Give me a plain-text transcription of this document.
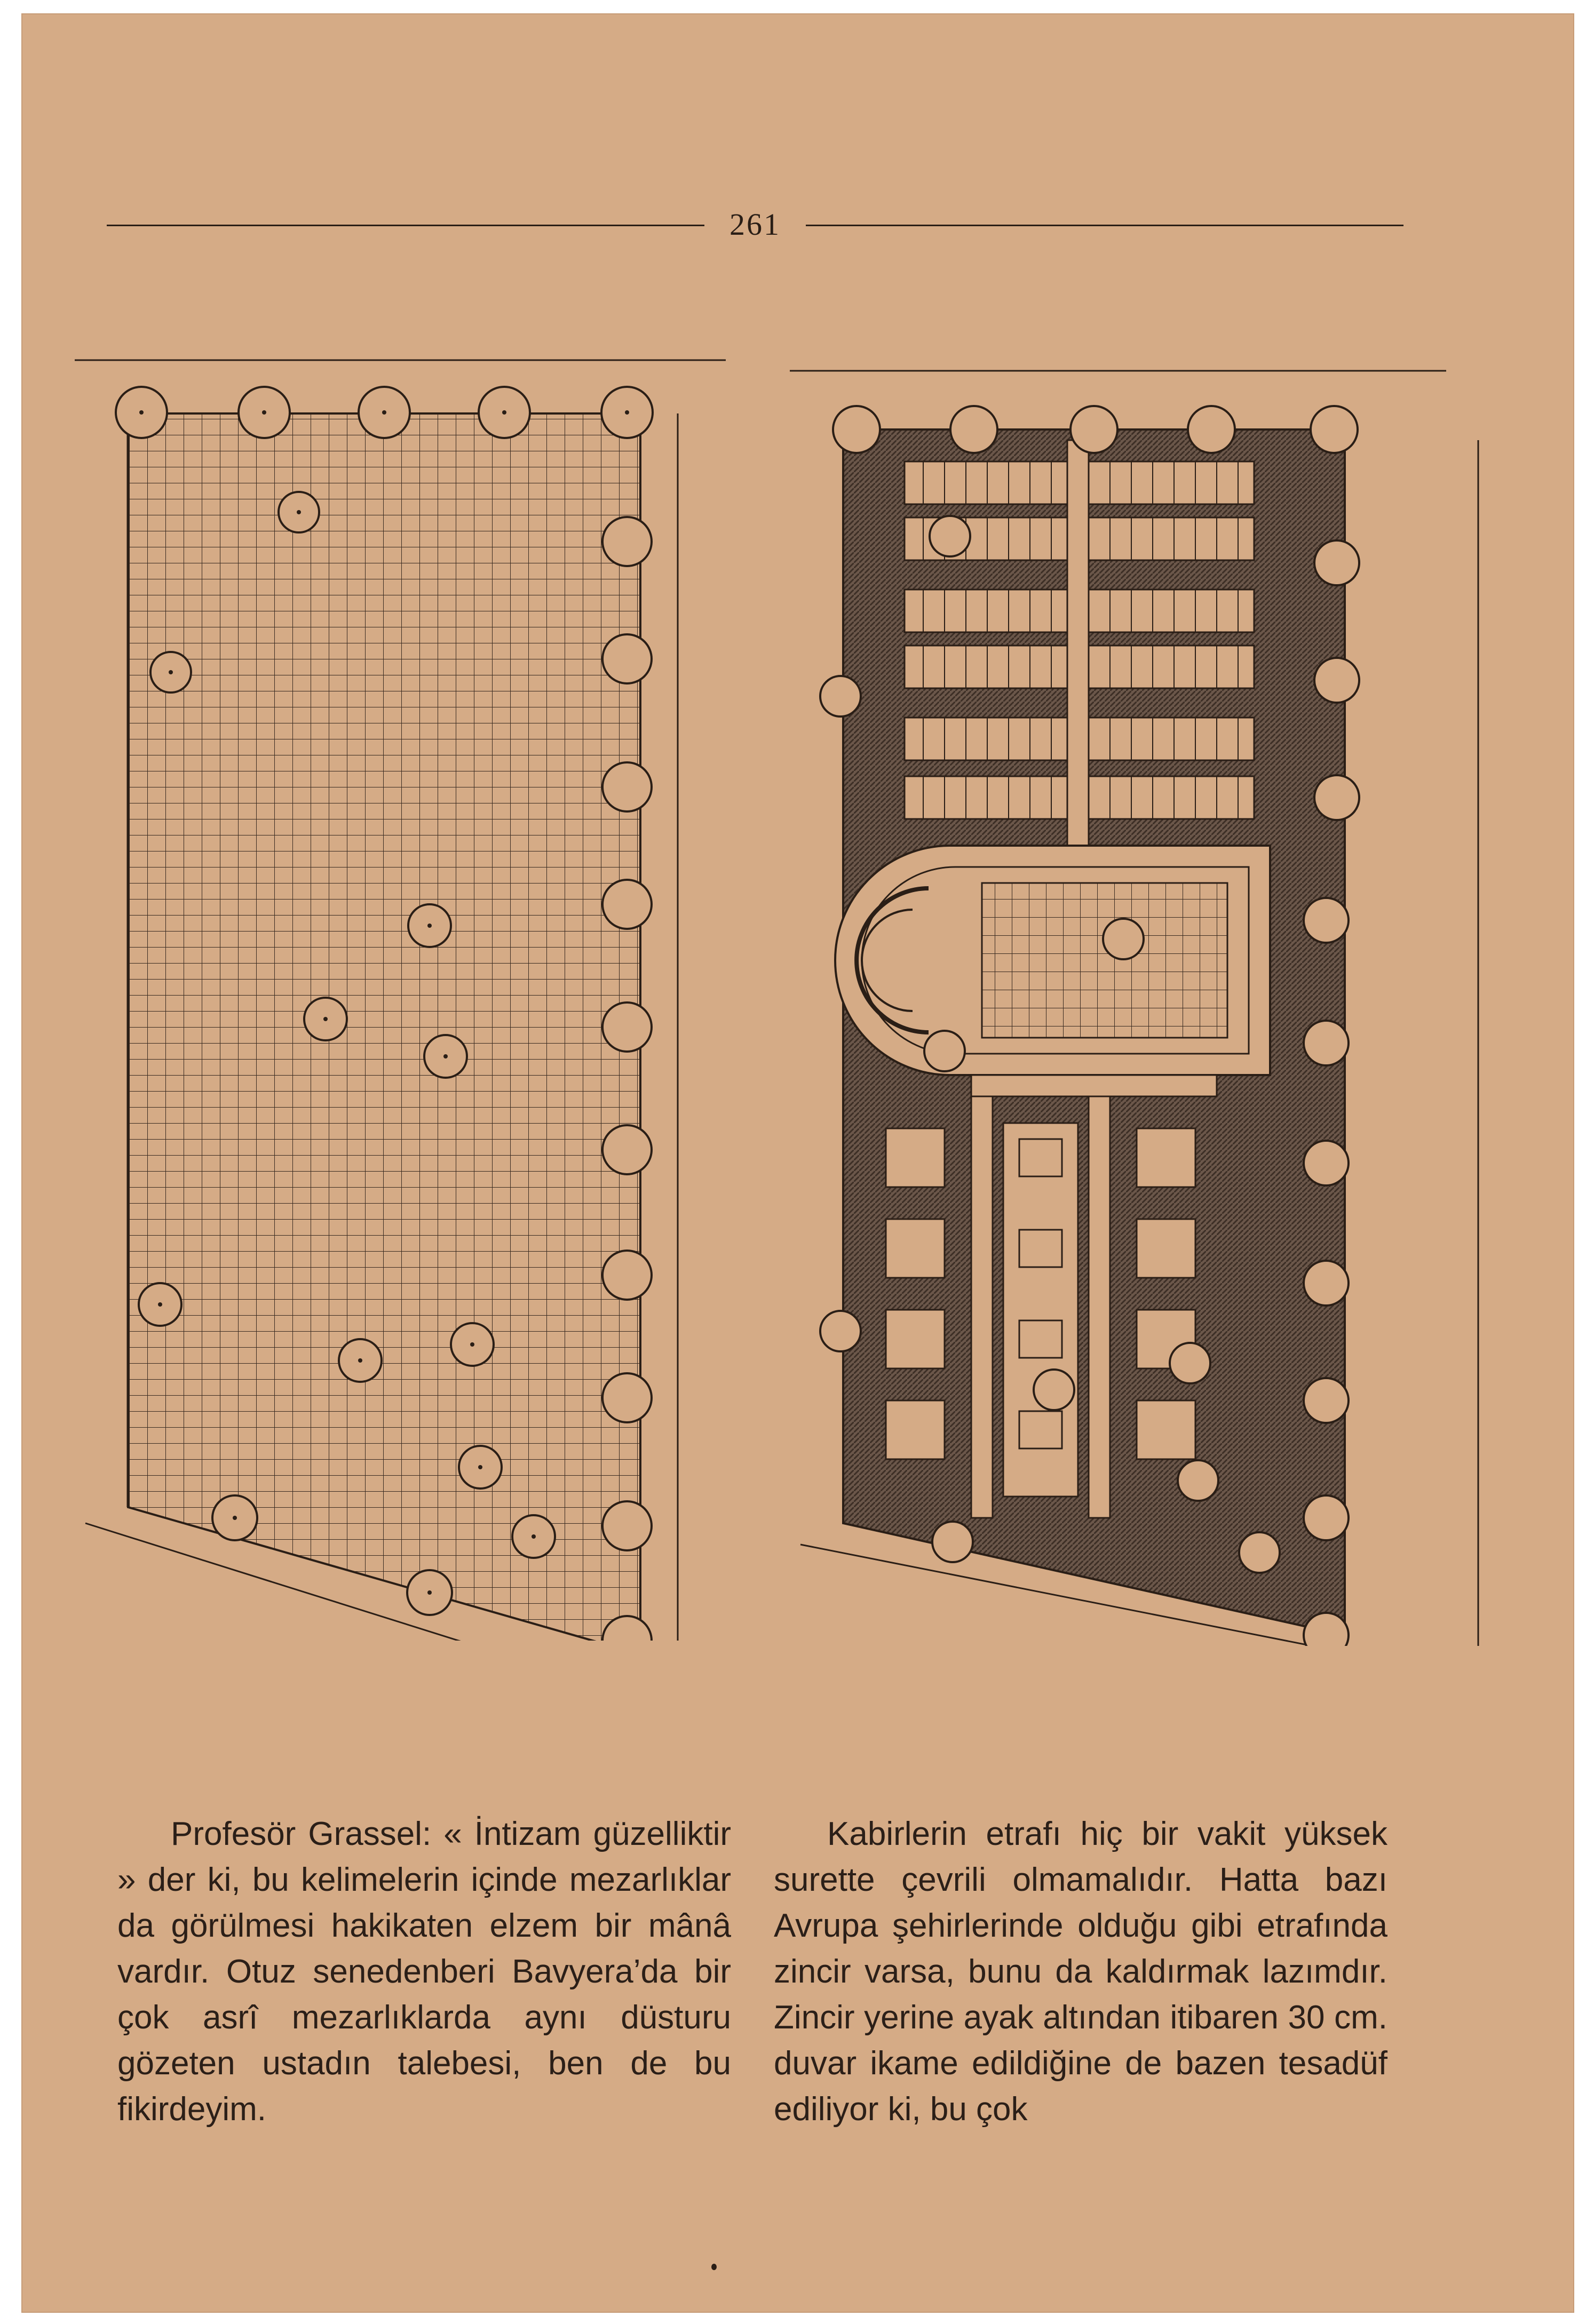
261

Profesör Grassel: « İntizam güzelliktir » der ki, bu kelimelerin içinde mezarlıklar da görülmesi hakikaten elzem bir mânâ vardır. Otuz senedenberi Bavyera’da bir çok asrî mezarlıklarda aynı düsturu gözeten ustadın talebesi, ben de bu fikirdeyim.

Kabirlerin etrafı hiç bir vakit yüksek surette çevrili olmamalıdır. Hatta bazı Avrupa şehirlerinde olduğu gibi etrafında zincir varsa, bunu da kaldırmak lazımdır. Zincir yerine ayak altından itibaren 30 cm. duvar ikame edildiğine de bazen tesadüf ediliyor ki, bu çok
